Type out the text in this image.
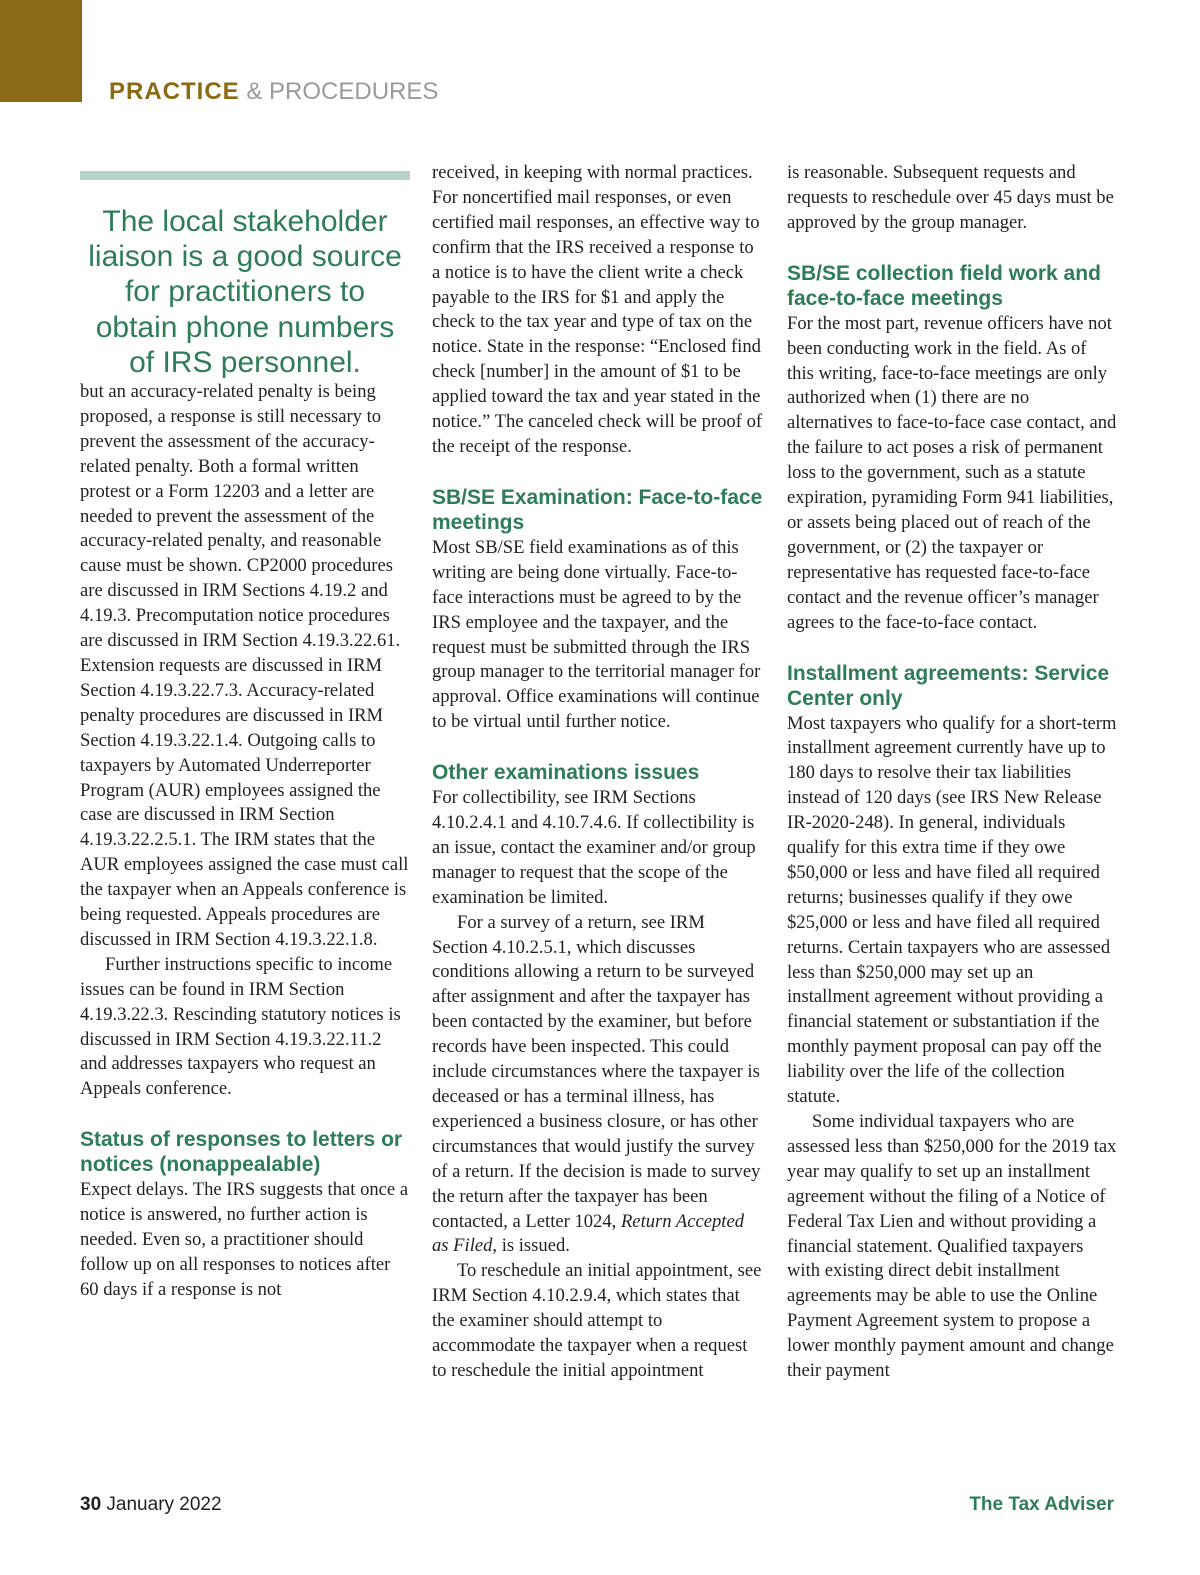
PRACTICE & PROCEDURES

The local stakeholder liaison is a good source for practitioners to obtain phone numbers of IRS personnel.

but an accuracy-related penalty is being proposed, a response is still necessary to prevent the assessment of the accuracy-related penalty. Both a formal written protest or a Form 12203 and a letter are needed to prevent the assessment of the accuracy-related penalty, and reasonable cause must be shown. CP2000 procedures are discussed in IRM Sections 4.19.2 and 4.19.3. Precomputation notice procedures are discussed in IRM Section 4.19.3.22.61. Extension requests are discussed in IRM Section 4.19.3.22.7.3. Accuracy-related penalty procedures are discussed in IRM Section 4.19.3.22.1.4. Outgoing calls to taxpayers by Automated Underreporter Program (AUR) employees assigned the case are discussed in IRM Section 4.19.3.22.2.5.1. The IRM states that the AUR employees assigned the case must call the taxpayer when an Appeals conference is being requested. Appeals procedures are discussed in IRM Section 4.19.3.22.1.8.

Further instructions specific to income issues can be found in IRM Section 4.19.3.22.3. Rescinding statutory notices is discussed in IRM Section 4.19.3.22.11.2 and addresses taxpayers who request an Appeals conference.

Status of responses to letters or notices (nonappealable)

Expect delays. The IRS suggests that once a notice is answered, no further action is needed. Even so, a practitioner should follow up on all responses to notices after 60 days if a response is not

received, in keeping with normal practices. For noncertified mail responses, or even certified mail responses, an effective way to confirm that the IRS received a response to a notice is to have the client write a check payable to the IRS for $1 and apply the check to the tax year and type of tax on the notice. State in the response: “Enclosed find check [number] in the amount of $1 to be applied toward the tax and year stated in the notice.” The canceled check will be proof of the receipt of the response.

SB/SE Examination: Face-to-face meetings

Most SB/SE field examinations as of this writing are being done virtually. Face-to-face interactions must be agreed to by the IRS employee and the taxpayer, and the request must be submitted through the IRS group manager to the territorial manager for approval. Office examinations will continue to be virtual until further notice.

Other examinations issues

For collectibility, see IRM Sections 4.10.2.4.1 and 4.10.7.4.6. If collectibility is an issue, contact the examiner and/or group manager to request that the scope of the examination be limited.

For a survey of a return, see IRM Section 4.10.2.5.1, which discusses conditions allowing a return to be surveyed after assignment and after the taxpayer has been contacted by the examiner, but before records have been inspected. This could include circumstances where the taxpayer is deceased or has a terminal illness, has experienced a business closure, or has other circumstances that would justify the survey of a return. If the decision is made to survey the return after the taxpayer has been contacted, a Letter 1024, Return Accepted as Filed, is issued.

To reschedule an initial appointment, see IRM Section 4.10.2.9.4, which states that the examiner should attempt to accommodate the taxpayer when a request to reschedule the initial appointment

is reasonable. Subsequent requests and requests to reschedule over 45 days must be approved by the group manager.

SB/SE collection field work and face-to-face meetings

For the most part, revenue officers have not been conducting work in the field. As of this writing, face-to-face meetings are only authorized when (1) there are no alternatives to face-to-face case contact, and the failure to act poses a risk of permanent loss to the government, such as a statute expiration, pyramiding Form 941 liabilities, or assets being placed out of reach of the government, or (2) the taxpayer or representative has requested face-to-face contact and the revenue officer’s manager agrees to the face-to-face contact.

Installment agreements: Service Center only

Most taxpayers who qualify for a short-term installment agreement currently have up to 180 days to resolve their tax liabilities instead of 120 days (see IRS New Release IR-2020-248). In general, individuals qualify for this extra time if they owe $50,000 or less and have filed all required returns; businesses qualify if they owe $25,000 or less and have filed all required returns. Certain taxpayers who are assessed less than $250,000 may set up an installment agreement without providing a financial statement or substantiation if the monthly payment proposal can pay off the liability over the life of the collection statute.

Some individual taxpayers who are assessed less than $250,000 for the 2019 tax year may qualify to set up an installment agreement without the filing of a Notice of Federal Tax Lien and without providing a financial statement. Qualified taxpayers with existing direct debit installment agreements may be able to use the Online Payment Agreement system to propose a lower monthly payment amount and change their payment

30 January 2022	The Tax Adviser
